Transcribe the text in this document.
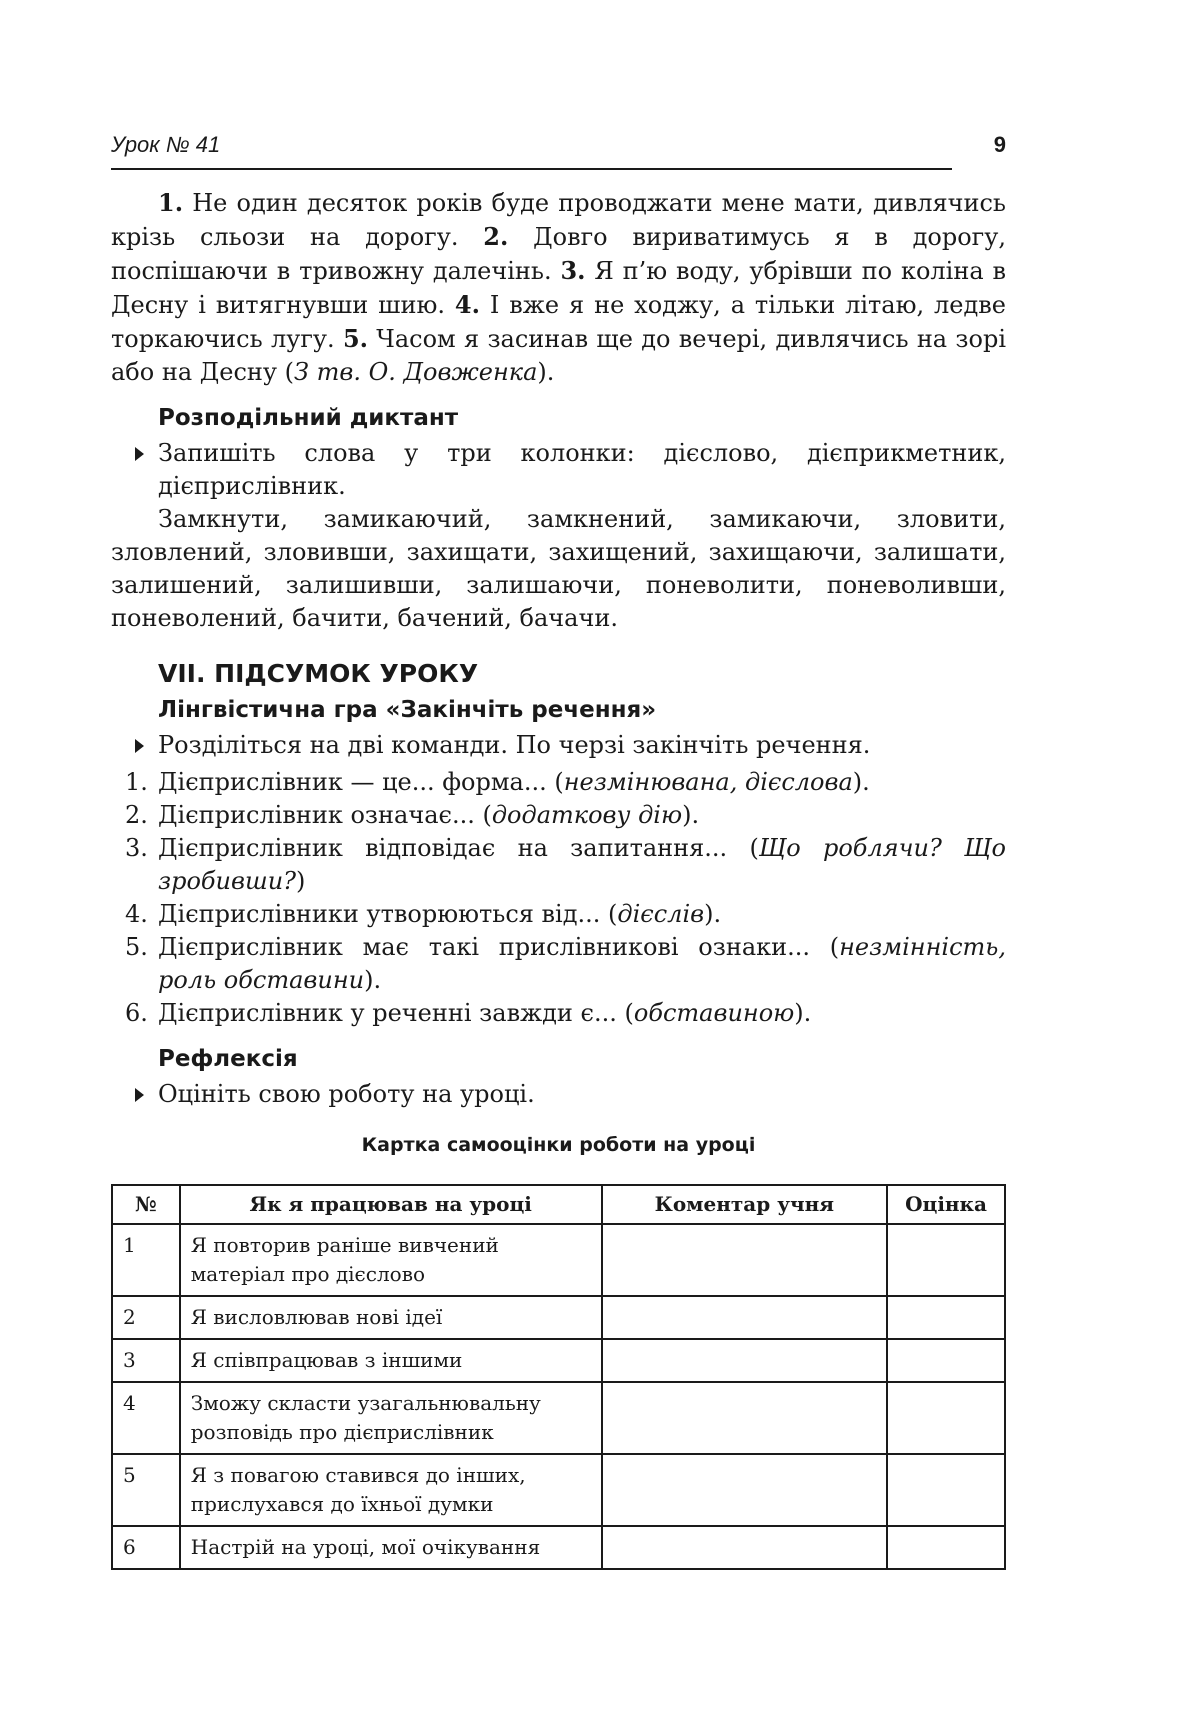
Урок № 41	9

1. Не один десяток років буде проводжати мене мати, дивлячись крізь сльози на дорогу. 2. Довго вириватимусь я в дорогу, поспішаючи в тривожну далечінь. 3. Я п’ю воду, убрівши по коліна в Десну і витягнувши шию. 4. І вже я не ходжу, а тільки літаю, ледве торкаючись лугу. 5. Часом я засинав ще до вечері, дивлячись на зорі або на Десну (З тв. О. Довженка).

Розподільний диктант

Запишіть слова у три колонки: дієслово, дієприкметник, дієприслівник.

Замкнути, замикаючий, замкнений, замикаючи, зловити, зловлений, зловивши, захищати, захищений, захищаючи, залишати, залишений, залишивши, залишаючи, поневолити, поневоливши, поневолений, бачити, бачений, бачачи.

VII. ПІДСУМОК УРОКУ
Лінгвістична гра «Закінчіть речення»

Розділіться на дві команди. По черзі закінчіть речення.

1. Дієприслівник — це... форма... (незмінювана, дієслова).
2. Дієприслівник означає... (додаткову дію).
3. Дієприслівник відповідає на запитання... (Що роблячи? Що зробивши?)
4. Дієприслівники утворюються від... (дієслів).
5. Дієприслівник має такі прислівникові ознаки... (незмінність, роль обставини).
6. Дієприслівник у реченні завжди є... (обставиною).
Рефлексія

Оцініть свою роботу на уроці.

Картка самооцінки роботи на уроці
№	Як я працював на уроці	Коментар учня	Оцінка
1	Я повторив раніше вивчений матеріал про дієслово		
2	Я висловлював нові ідеї		
3	Я співпрацював з іншими		
4	Зможу скласти узагальнювальну розповідь про дієприслівник		
5	Я з повагою ставився до інших, прислухався до їхньої думки		
6	Настрій на уроці, мої очікування		
